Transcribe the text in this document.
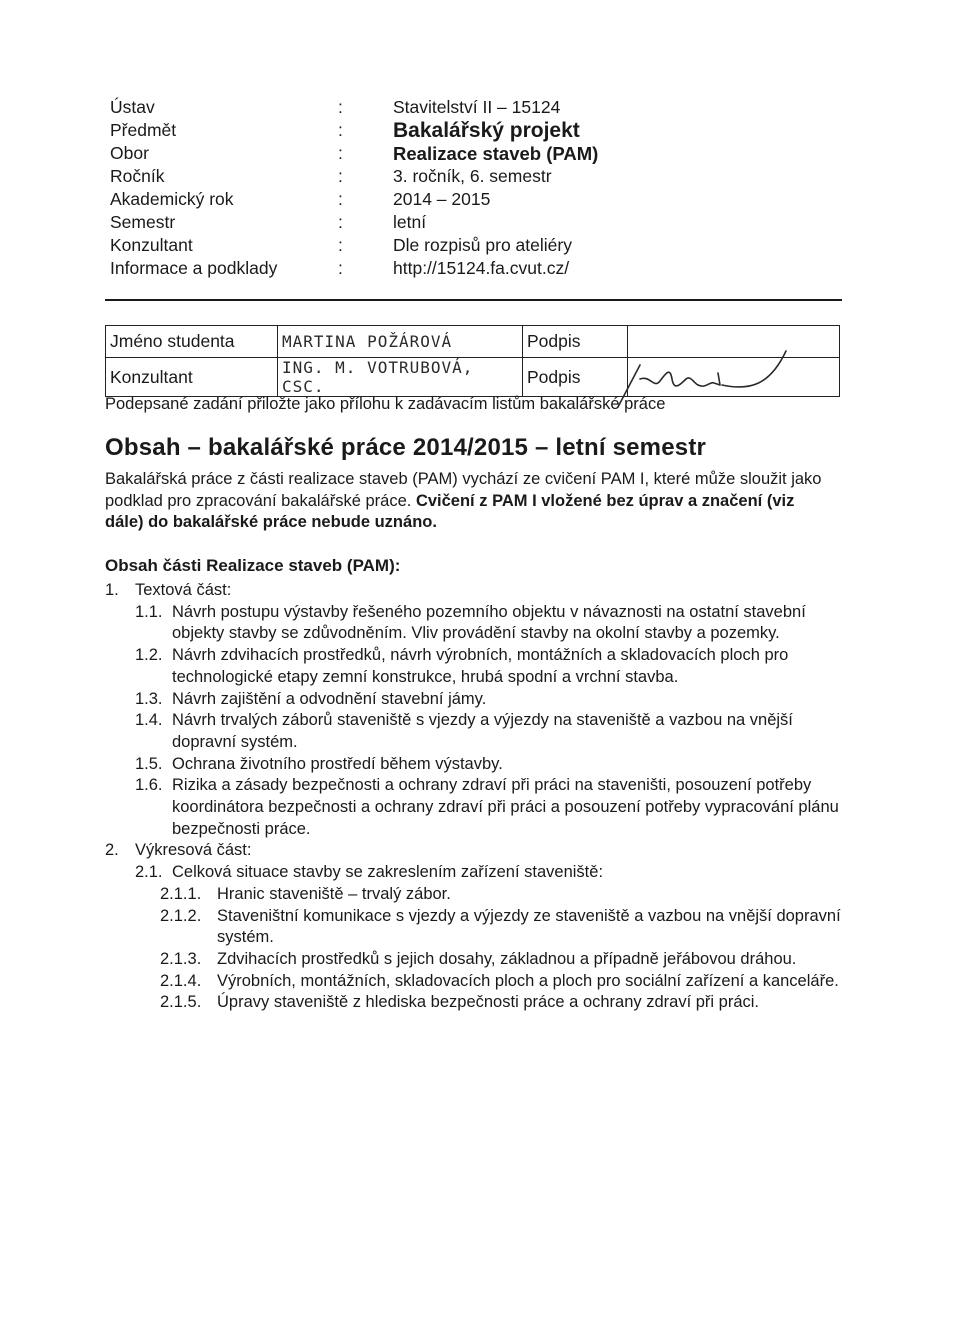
Ústav	:	Stavitelství II – 15124
Předmět	:	Bakalářský projekt
Obor	:	Realizace staveb (PAM)
Ročník	:	3. ročník, 6. semestr
Akademický rok	:	2014 – 2015
Semestr	:	letní
Konzultant	:	Dle rozpisů pro ateliéry
Informace a podklady	:	http://15124.fa.cvut.cz/
Jméno studenta	MARTINA POŽÁROVÁ	Podpis	
Konzultant	ING. M. VOTRUBOVÁ, CSC.	Podpis	
Podepsané zadání přiložte jako přílohu k zadávacím listům bakalářské práce
Obsah – bakalářské práce 2014/2015 – letní semestr
Bakalářská práce z části realizace staveb (PAM) vychází ze cvičení PAM I, které může sloužit jako podklad pro zpracování bakalářské práce. Cvičení z PAM I vložené bez úprav a značení (viz dále) do bakalářské práce nebude uznáno.
Obsah části Realizace staveb (PAM):
1. Textová část:
1.1. Návrh postupu výstavby řešeného pozemního objektu v návaznosti na ostatní stavební objekty stavby se zdůvodněním. Vliv provádění stavby na okolní stavby a pozemky.
1.2. Návrh zdvihacích prostředků, návrh výrobních, montážních a skladovacích ploch pro technologické etapy zemní konstrukce, hrubá spodní a vrchní stavba.
1.3. Návrh zajištění a odvodnění stavební jámy.
1.4. Návrh trvalých záborů staveniště s vjezdy a výjezdy na staveniště a vazbou na vnější dopravní systém.
1.5. Ochrana životního prostředí během výstavby.
1.6. Rizika a zásady bezpečnosti a ochrany zdraví při práci na staveništi, posouzení potřeby koordinátora bezpečnosti a ochrany zdraví při práci a posouzení potřeby vypracování plánu bezpečnosti práce.
2. Výkresová část:
2.1. Celková situace stavby se zakreslením zařízení staveniště:
2.1.1. Hranic staveniště – trvalý zábor.
2.1.2. Staveništní komunikace s vjezdy a výjezdy ze staveniště a vazbou na vnější dopravní systém.
2.1.3. Zdvihacích prostředků s jejich dosahy, základnou a případně jeřábovou dráhou.
2.1.4. Výrobních, montážních, skladovacích ploch a ploch pro sociální zařízení a kanceláře.
2.1.5. Úpravy staveniště z hlediska bezpečnosti práce a ochrany zdraví při práci.
